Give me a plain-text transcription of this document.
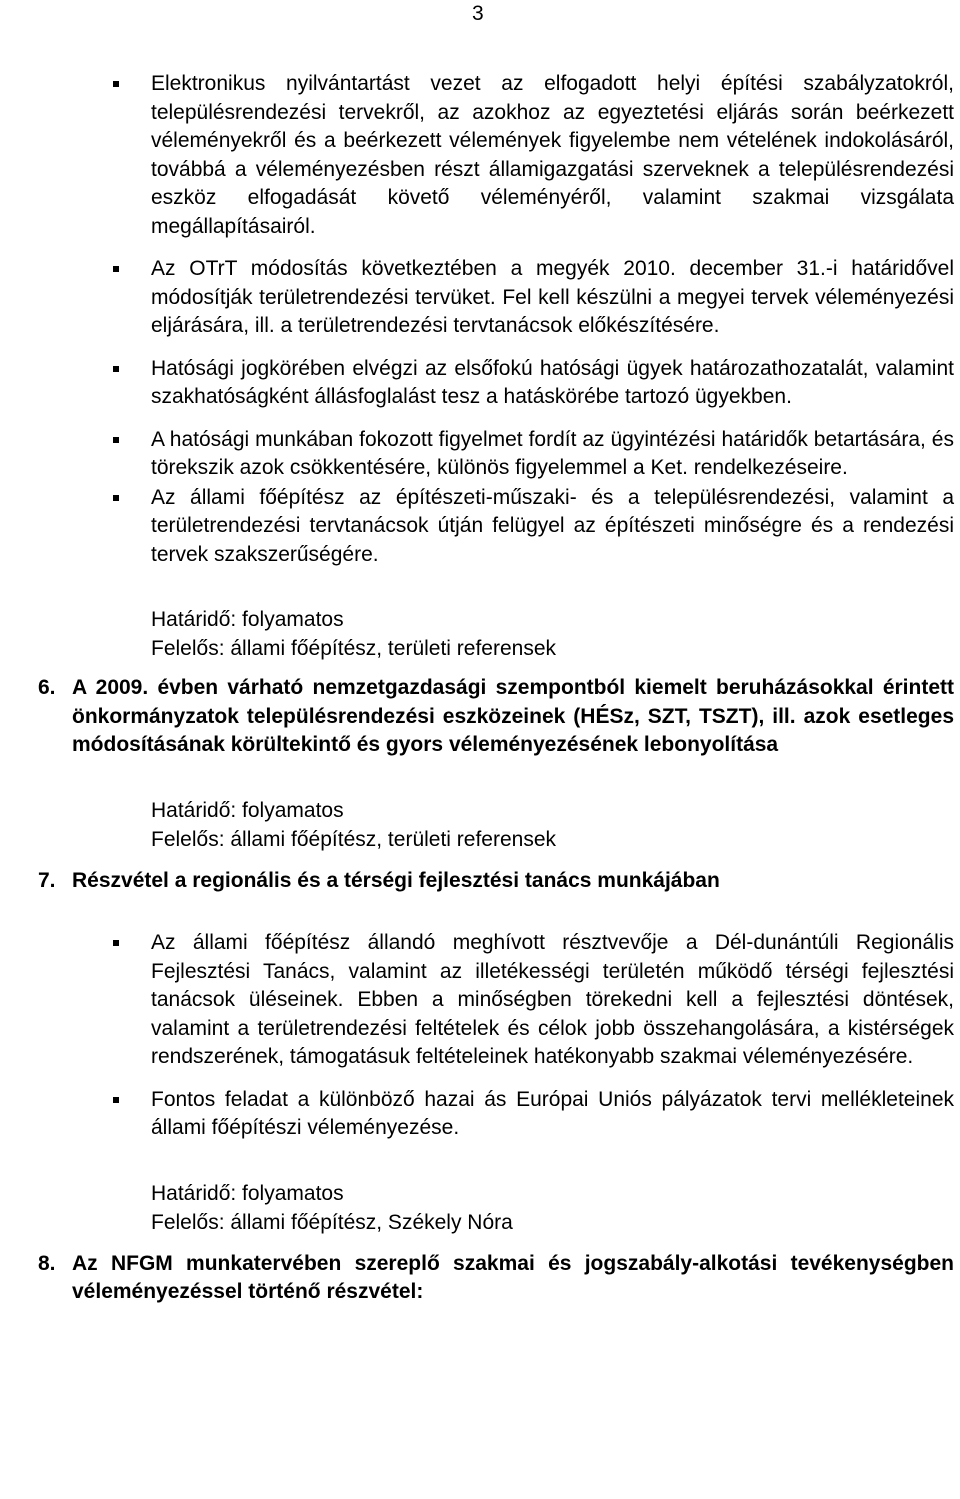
3
Elektronikus nyilvántartást vezet az elfogadott helyi építési szabályzatokról, településrendezési tervekről, az azokhoz az egyeztetési eljárás során beérkezett véleményekről és a beérkezett vélemények figyelembe nem vételének indokolásáról, továbbá a véleményezésben részt államigazgatási szerveknek a településrendezési eszköz elfogadását követő véleményéről, valamint szakmai vizsgálata megállapításairól.
Az OTrT módosítás következtében a megyék 2010. december 31.-i határidővel módosítják területrendezési tervüket. Fel kell készülni a megyei tervek véleményezési eljárására, ill. a területrendezési tervtanácsok előkészítésére.
Hatósági jogkörében elvégzi az elsőfokú hatósági ügyek határozathozatalát, valamint szakhatóságként állásfoglalást tesz a hatáskörébe tartozó ügyekben.
A hatósági munkában fokozott figyelmet fordít az ügyintézési határidők betartására, és törekszik azok csökkentésére, különös figyelemmel a Ket. rendelkezéseire.
Az állami főépítész az építészeti-műszaki- és a településrendezési, valamint a területrendezési tervtanácsok útján felügyel az építészeti minőségre és a rendezési tervek szakszerűségére.
Határidő: folyamatos
Felelős: állami főépítész, területi referensek
6. A 2009. évben várható nemzetgazdasági szempontból kiemelt beruházásokkal érintett önkormányzatok településrendezési eszközeinek (HÉSz, SZT, TSZT), ill. azok esetleges módosításának körültekintő és gyors véleményezésének lebonyolítása
Határidő: folyamatos
Felelős: állami főépítész, területi referensek
7. Részvétel a regionális és a térségi fejlesztési tanács munkájában
Az állami főépítész állandó meghívott résztvevője a Dél-dunántúli Regionális Fejlesztési Tanács, valamint az illetékességi területén működő térségi fejlesztési tanácsok üléseinek. Ebben a minőségben törekedni kell a fejlesztési döntések, valamint a területrendezési feltételek és célok jobb összehangolására, a kistérségek rendszerének, támogatásuk feltételeinek hatékonyabb szakmai véleményezésére.
Fontos feladat a különböző hazai ás Európai Uniós pályázatok tervi mellékleteinek állami főépítészi véleményezése.
Határidő: folyamatos
Felelős: állami főépítész, Székely Nóra
8. Az NFGM munkatervében szereplő szakmai és jogszabály-alkotási tevékenységben véleményezéssel történő részvétel:
